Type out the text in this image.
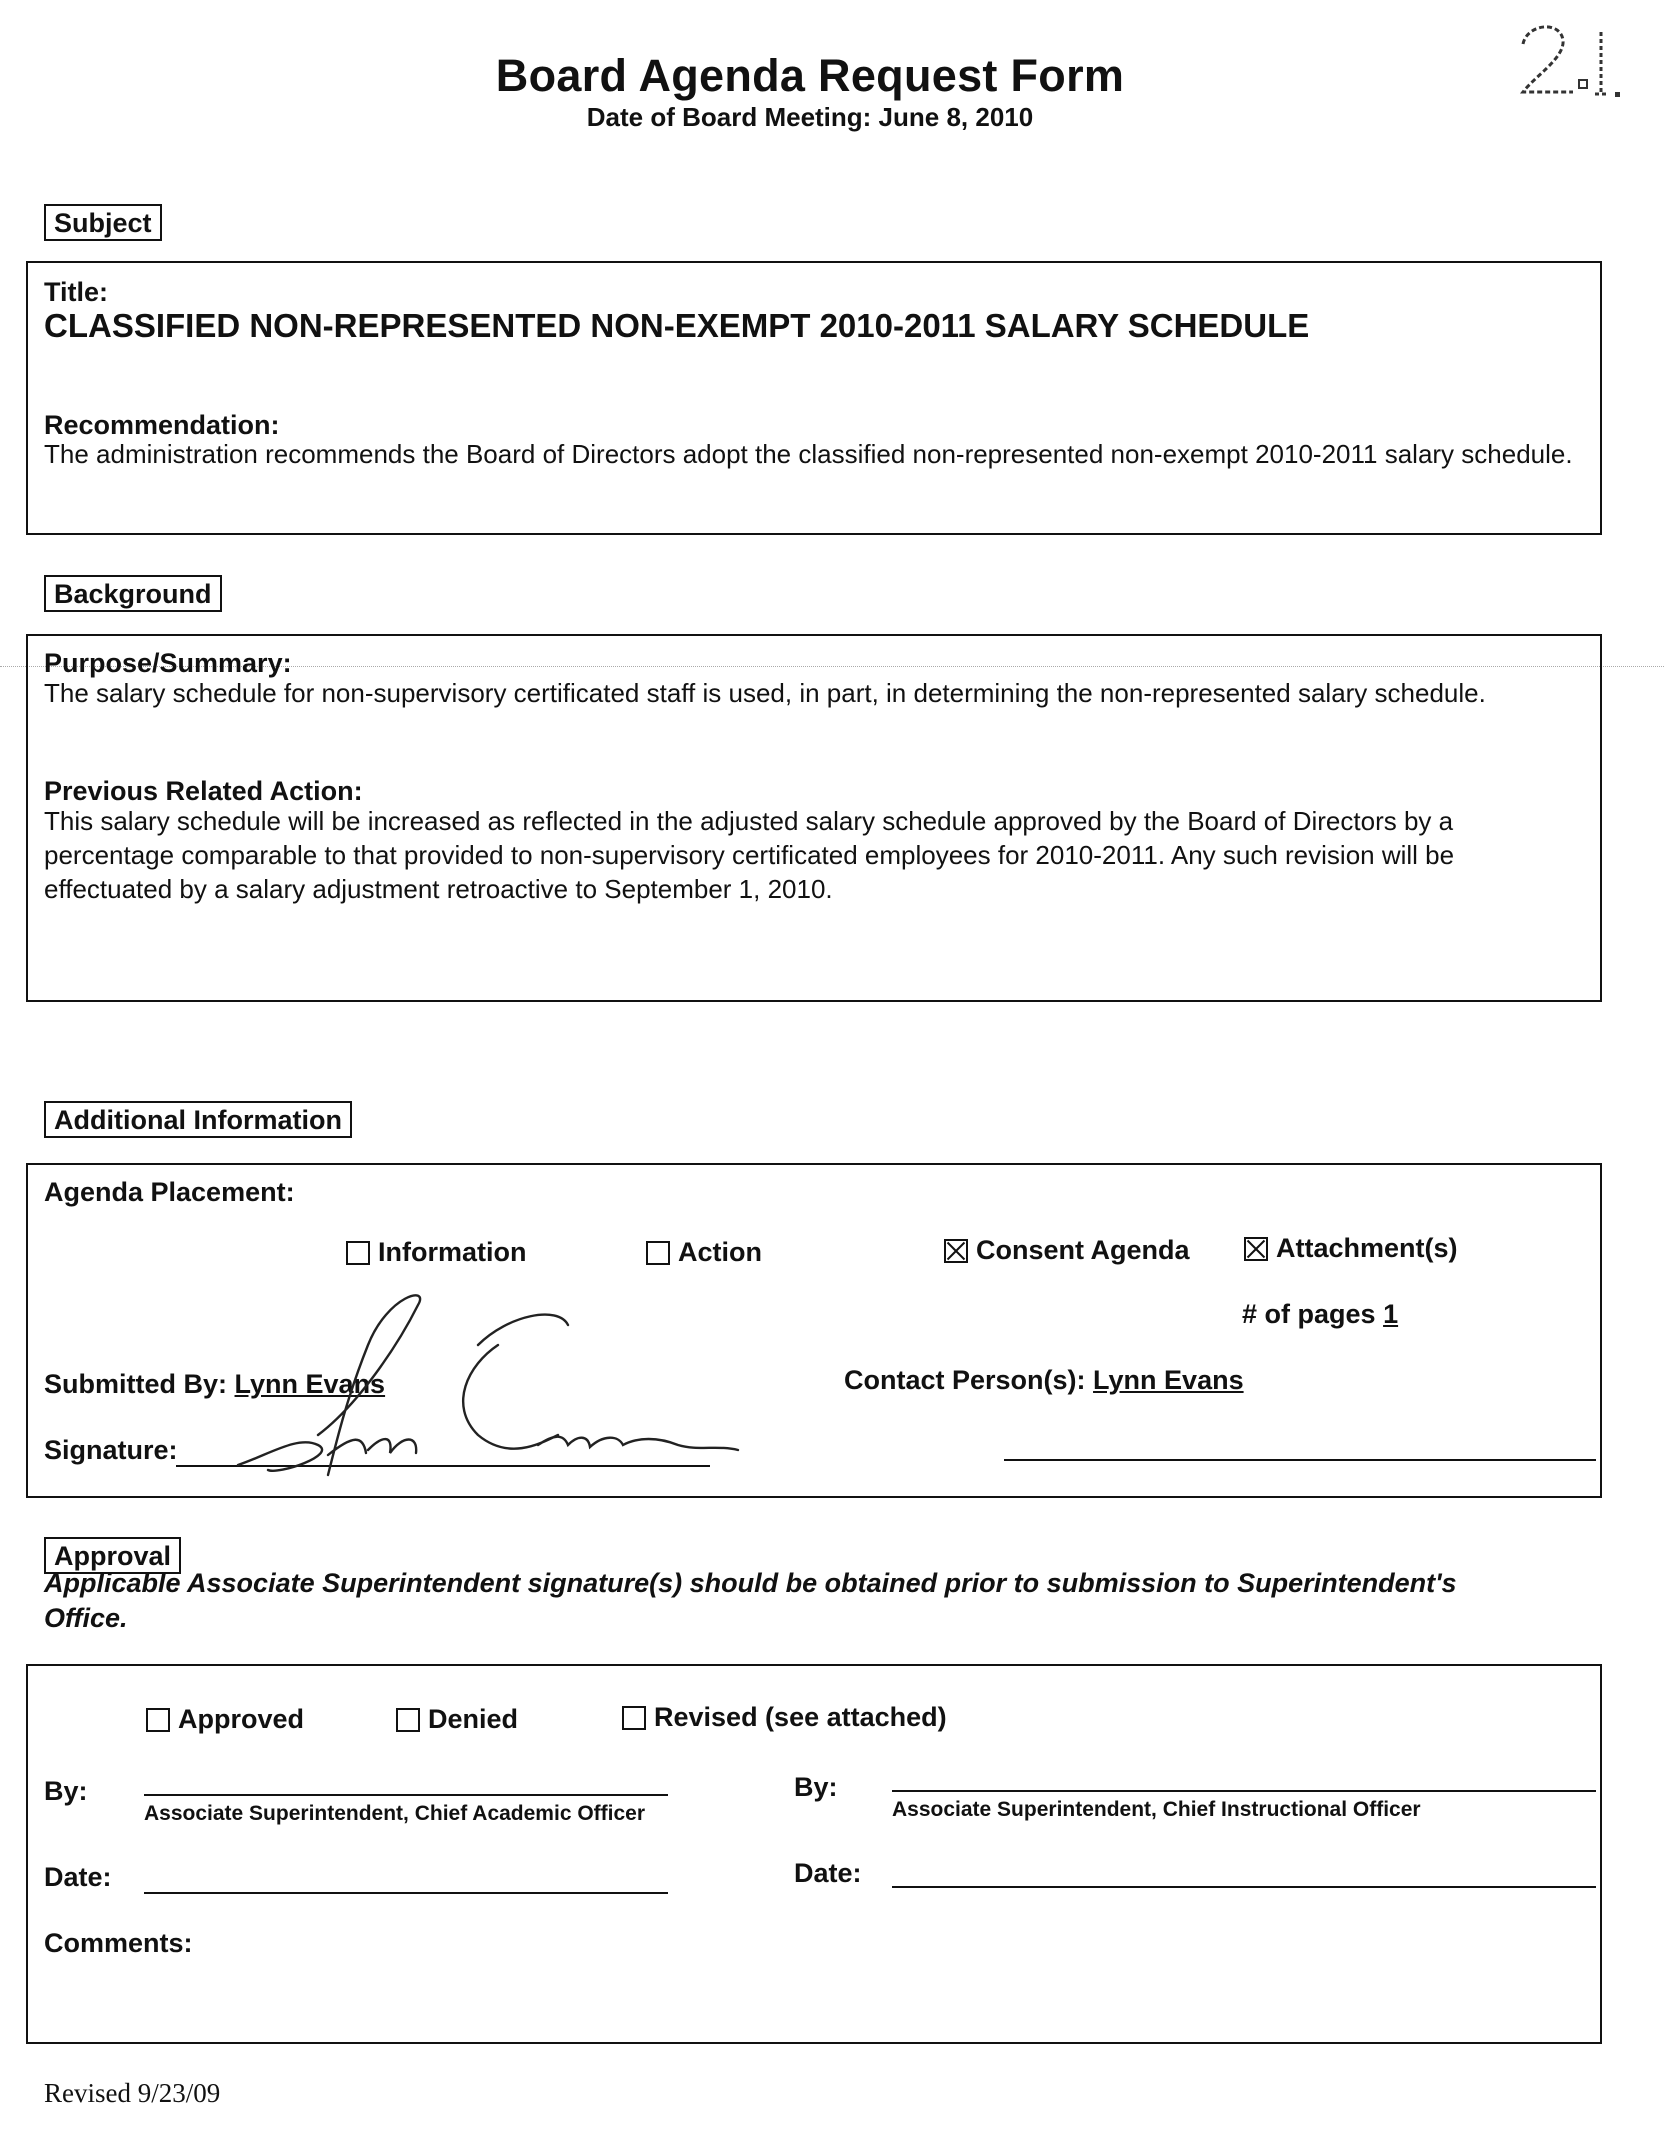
Board Agenda Request Form
Date of Board Meeting: June 8, 2010
Subject
Title:
CLASSIFIED NON-REPRESENTED NON-EXEMPT 2010-2011 SALARY SCHEDULE
Recommendation:
The administration recommends the Board of Directors adopt the classified non-represented non-exempt 2010-2011 salary schedule.
Background
Purpose/Summary:
The salary schedule for non-supervisory certificated staff is used, in part, in determining the non-represented salary schedule.
Previous Related Action:
This salary schedule will be increased as reflected in the adjusted salary schedule approved by the Board of Directors by a percentage comparable to that provided to non-supervisory certificated employees for 2010-2011. Any such revision will be effectuated by a salary adjustment retroactive to September 1, 2010.
Additional Information
Agenda Placement:
Information	Action	Consent Agenda	Attachment(s)
# of pages 1
Submitted By: Lynn Evans	Contact Person(s): Lynn Evans
Signature:
Approval
Applicable Associate Superintendent signature(s) should be obtained prior to submission to Superintendent's Office.
Approved	Denied	Revised (see attached)
By:
Associate Superintendent, Chief Academic Officer
By:
Associate Superintendent, Chief Instructional Officer
Date:	Date:
Comments:
Revised 9/23/09
